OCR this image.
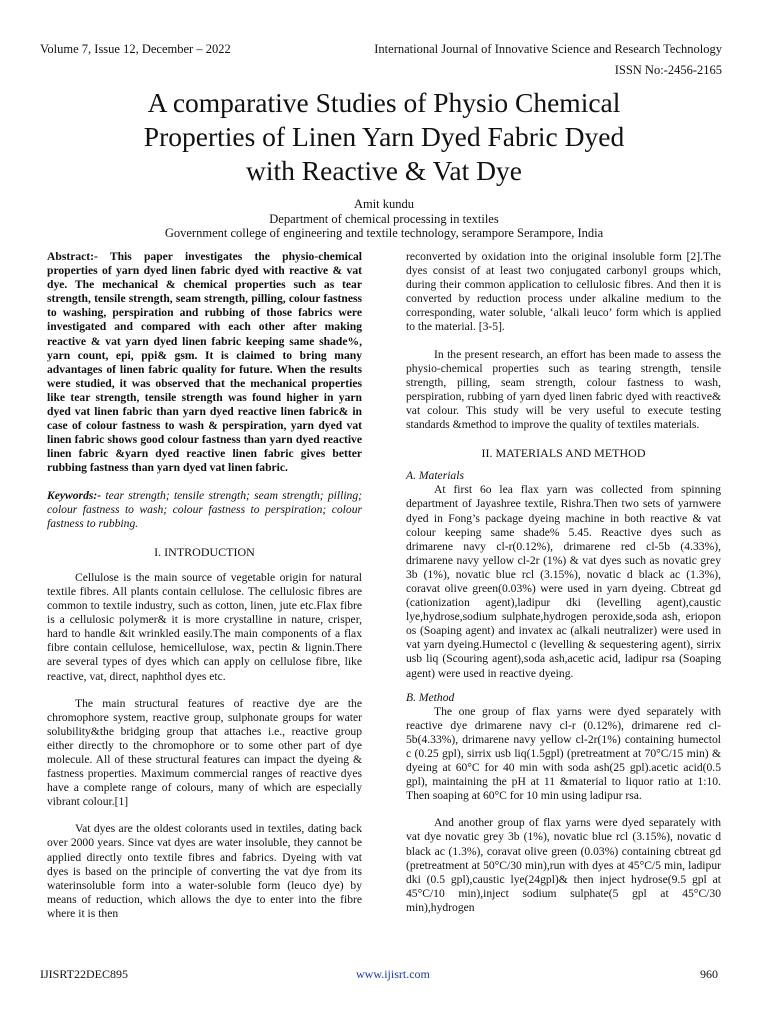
Volume 7, Issue 12, December – 2022	International Journal of Innovative Science and Research Technology
ISSN No:-2456-2165
A comparative Studies of Physio Chemical
Properties of Linen Yarn Dyed Fabric Dyed
with Reactive & Vat Dye
Amit kundu
Department of chemical processing in textiles
Government college of engineering and textile technology, serampore Serampore, India

Abstract:- This paper investigates the physio-chemical properties of yarn dyed linen fabric dyed with reactive & vat dye. The mechanical & chemical properties such as tear strength, tensile strength, seam strength, pilling, colour fastness to washing, perspiration and rubbing of those fabrics were investigated and compared with each other after making reactive & vat yarn dyed linen fabric keeping same shade%, yarn count, epi, ppi& gsm. It is claimed to bring many advantages of linen fabric quality for future. When the results were studied, it was observed that the mechanical properties like tear strength, tensile strength was found higher in yarn dyed vat linen fabric than yarn dyed reactive linen fabric& in case of colour fastness to wash & perspiration, yarn dyed vat linen fabric shows good colour fastness than yarn dyed reactive linen fabric &yarn dyed reactive linen fabric gives better rubbing fastness than yarn dyed vat linen fabric.

Keywords:- tear strength; tensile strength; seam strength; pilling; colour fastness to wash; colour fastness to perspiration; colour fastness to rubbing.

I. INTRODUCTION

Cellulose is the main source of vegetable origin for natural textile fibres. All plants contain cellulose. The cellulosic fibres are common to textile industry, such as cotton, linen, jute etc.Flax fibre is a cellulosic polymer& it is more crystalline in nature, crisper, hard to handle &it wrinkled easily.The main components of a flax fibre contain cellulose, hemicellulose, wax, pectin & lignin.There are several types of dyes which can apply on cellulose fibre, like reactive, vat, direct, naphthol dyes etc.

The main structural features of reactive dye are the chromophore system, reactive group, sulphonate groups for water solubility&the bridging group that attaches i.e., reactive group either directly to the chromophore or to some other part of dye molecule. All of these structural features can impact the dyeing & fastness properties. Maximum commercial ranges of reactive dyes have a complete range of colours, many of which are especially vibrant colour.[1]

Vat dyes are the oldest colorants used in textiles, dating back over 2000 years. Since vat dyes are water insoluble, they cannot be applied directly onto textile fibres and fabrics. Dyeing with vat dyes is based on the principle of converting the vat dye from its waterinsoluble form into a water-soluble form (leuco dye) by means of reduction, which allows the dye to enter into the fibre where it is then

reconverted by oxidation into the original insoluble form [2].The dyes consist of at least two conjugated carbonyl groups which, during their common application to cellulosic fibres. And then it is converted by reduction process under alkaline medium to the corresponding, water soluble, ‘alkali leuco’ form which is applied to the material. [3-5].

In the present research, an effort has been made to assess the physio-chemical properties such as tearing strength, tensile strength, pilling, seam strength, colour fastness to wash, perspiration, rubbing of yarn dyed linen fabric dyed with reactive& vat colour. This study will be very useful to execute testing standards &method to improve the quality of textiles materials.

II. MATERIALS AND METHOD

A. Materials

At first 6o lea flax yarn was collected from spinning department of Jayashree textile, Rishra.Then two sets of yarnwere dyed in Fong’s package dyeing machine in both reactive & vat colour keeping same shade% 5.45. Reactive dyes such as drimarene navy cl-r(0.12%), drimarene red cl-5b (4.33%), drimarene navy yellow cl-2r (1%) & vat dyes such as novatic grey 3b (1%), novatic blue rcl (3.15%), novatic d black ac (1.3%), coravat olive green(0.03%) were used in yarn dyeing. Cbtreat gd (cationization agent),ladipur dki (levelling agent),caustic lye,hydrose,sodium sulphate,hydrogen peroxide,soda ash, eriopon os (Soaping agent) and invatex ac (alkali neutralizer) were used in vat yarn dyeing.Humectol c (levelling & sequestering agent), sirrix usb liq (Scouring agent),soda ash,acetic acid, ladipur rsa (Soaping agent) were used in reactive dyeing.

B. Method

The one group of flax yarns were dyed separately with reactive dye drimarene navy cl-r (0.12%), drimarene red cl-5b(4.33%), drimarene navy yellow cl-2r(1%) containing humectol c (0.25 gpl), sirrix usb liq(1.5gpl) (pretreatment at 70°C/15 min) & dyeing at 60°C for 40 min with soda ash(25 gpl).acetic acid(0.5 gpl), maintaining the pH at 11 &material to liquor ratio at 1:10. Then soaping at 60°C for 10 min using ladipur rsa.

And another group of flax yarns were dyed separately with vat dye novatic grey 3b (1%), novatic blue rcl (3.15%), novatic d black ac (1.3%), coravat olive green (0.03%) containing cbtreat gd (pretreatment at 50°C/30 min),run with dyes at 45°C/5 min, ladipur dki (0.5 gpl),caustic lye(24gpl)& then inject hydrose(9.5 gpl at 45°C/10 min),inject sodium sulphate(5 gpl at 45°C/30 min),hydrogen

IJISRT22DEC895	www.ijisrt.com	960
